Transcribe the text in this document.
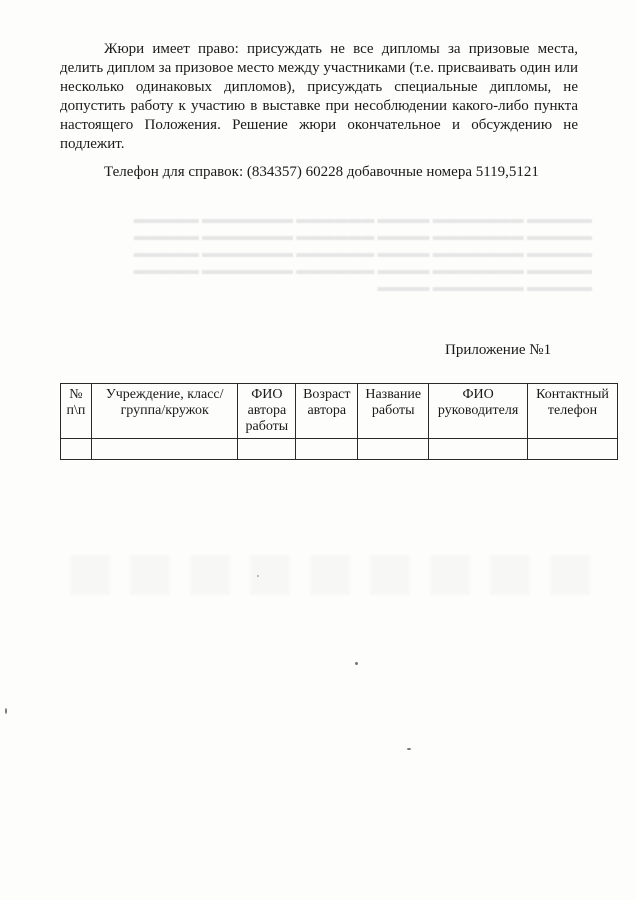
▬▬▬▬▬ ▬▬▬▬▬▬▬ ▬▬▬▬ ▬▬▬▬▬▬ ▬▬▬▬▬▬▬ ▬▬▬▬▬ ▬▬▬▬▬ ▬▬▬▬▬▬▬ ▬▬▬▬ ▬▬▬▬▬▬ ▬▬▬▬▬▬▬ ▬▬▬▬▬ ▬▬▬▬▬ ▬▬▬▬▬▬▬ ▬▬▬▬ ▬▬▬▬▬▬ ▬▬▬▬▬▬▬ ▬▬▬▬▬ ▬▬▬▬▬ ▬▬▬▬▬▬▬ ▬▬▬▬ ▬▬▬▬▬▬ ▬▬▬▬▬▬▬ ▬▬▬▬▬ ▬▬▬▬▬ ▬▬▬▬▬▬▬ ▬▬▬▬

Жюри имеет право: присуждать не все дипломы за призовые места, делить диплом за призовое место между участниками (т.е. присваивать один или несколько одинаковых дипломов), присуждать специальные дипломы, не допустить работу к участию в выставке при несоблюдении какого-либо пункта настоящего Положения. Решение жюри окончательное и обсуждению не подлежит.

Телефон для справок: (834357) 60228 добавочные номера 5119,5121
Приложение №1
№ п\п	Учреждение, класс/группа/кружок	ФИО автора работы	Возраст автора	Название работы	ФИО руководителя	Контактный телефон
